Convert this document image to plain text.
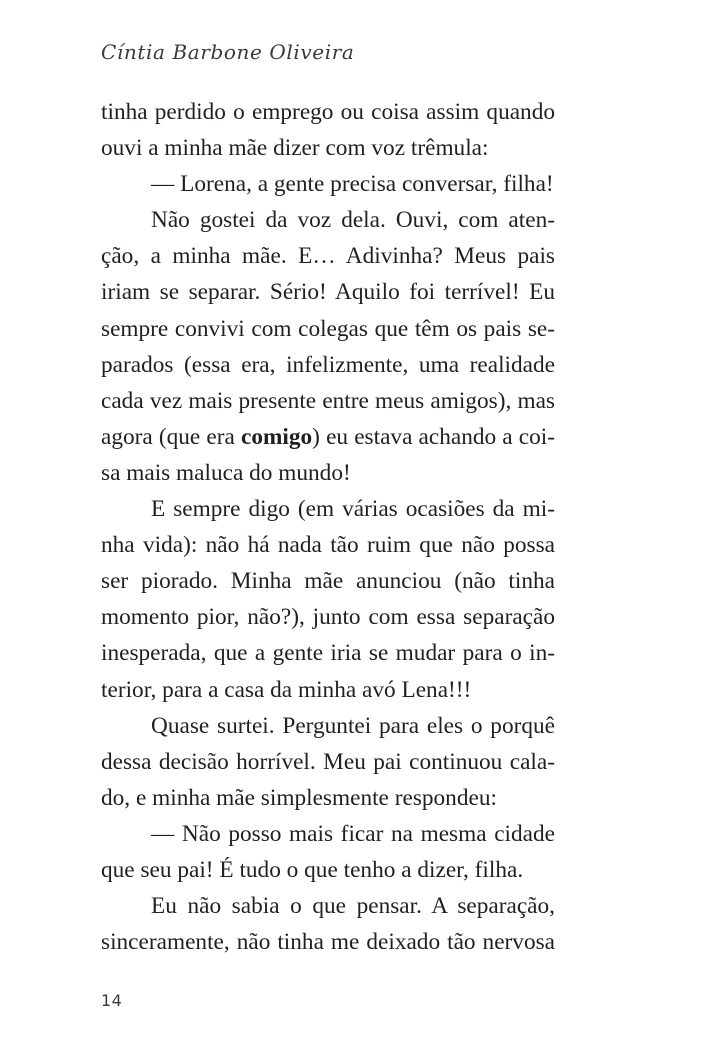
Cíntia Barbone Oliveira
tinha perdido o emprego ou coisa assim quando
ouvi a minha mãe dizer com voz trêmula:
— Lorena, a gente precisa conversar, filha!
Não gostei da voz dela. Ouvi, com aten-
ção, a minha mãe. E… Adivinha? Meus pais
iriam se separar. Sério! Aquilo foi terrível! Eu
sempre convivi com colegas que têm os pais se-
parados (essa era, infelizmente, uma realidade
cada vez mais presente entre meus amigos), mas
agora (que era comigo) eu estava achando a coi-
sa mais maluca do mundo!
E sempre digo (em várias ocasiões da mi-
nha vida): não há nada tão ruim que não possa
ser piorado. Minha mãe anunciou (não tinha
momento pior, não?), junto com essa separação
inesperada, que a gente iria se mudar para o in-
terior, para a casa da minha avó Lena!!!
Quase surtei. Perguntei para eles o porquê
dessa decisão horrível. Meu pai continuou cala-
do, e minha mãe simplesmente respondeu:
— Não posso mais ficar na mesma cidade
que seu pai! É tudo o que tenho a dizer, filha.
Eu não sabia o que pensar. A separação,
sinceramente, não tinha me deixado tão nervosa
14
